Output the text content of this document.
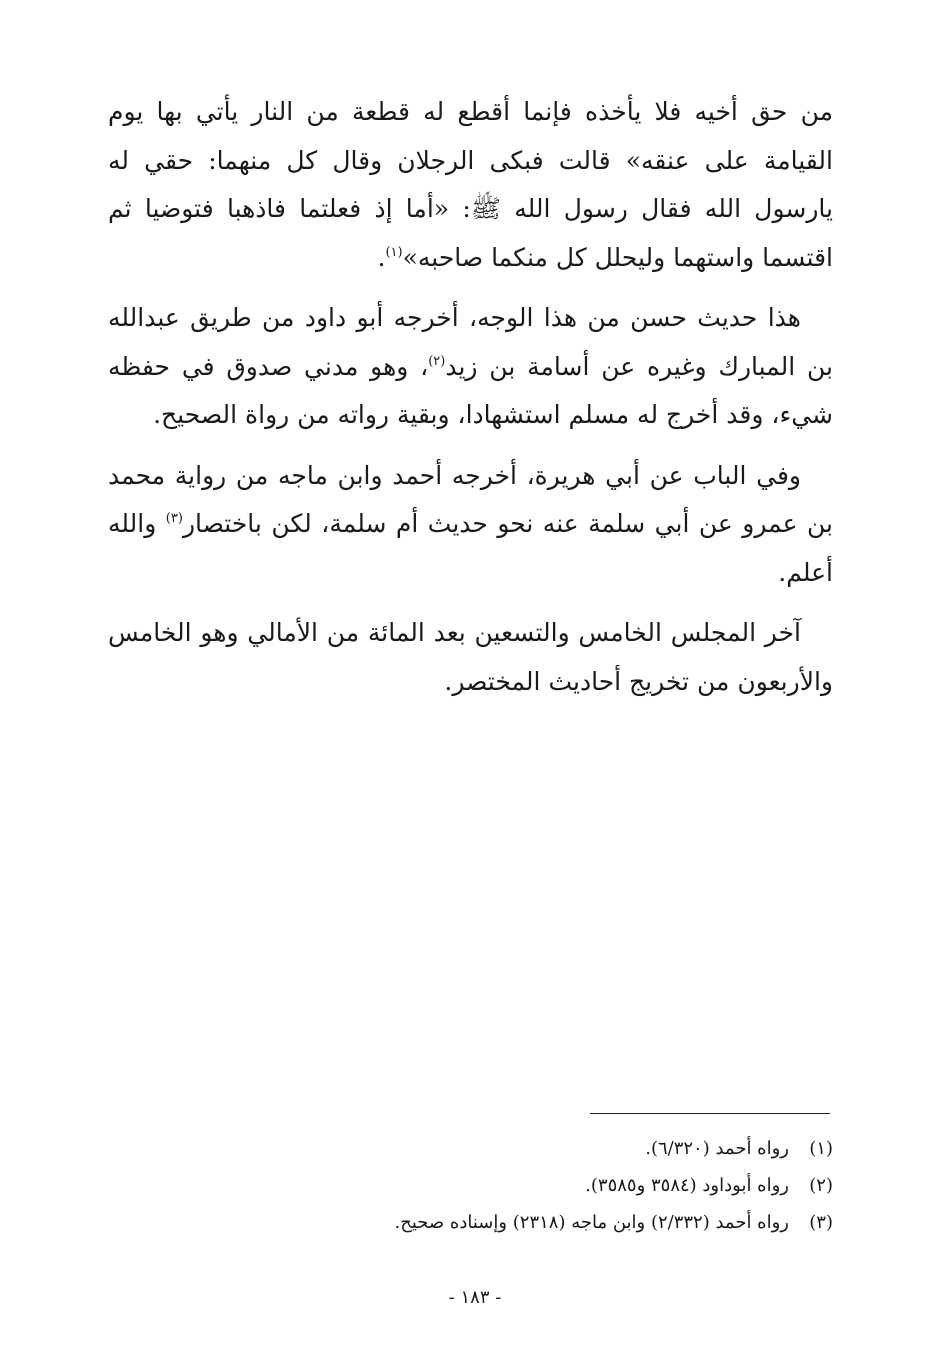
من حق أخيه فلا يأخذه فإنما أقطع له قطعة من النار يأتي بها يوم القيامة على عنقه» قالت فبكى الرجلان وقال كل منهما: حقي له يارسول الله فقال رسول الله ﷺ: «أما إذ فعلتما فاذهبا فتوضيا ثم اقتسما واستهما وليحلل كل منكما صاحبه»$^{(١)}$.

هذا حديث حسن من هذا الوجه، أخرجه أبو داود من طريق عبدالله بن المبارك وغيره عن أسامة بن زيد$^{(٢)}$، وهو مدني صدوق في حفظه شيء، وقد أخرج له مسلم استشهادا، وبقية رواته من رواة الصحيح.

وفي الباب عن أبي هريرة، أخرجه أحمد وابن ماجه من رواية محمد بن عمرو عن أبي سلمة عنه نحو حديث أم سلمة، لكن باختصار$^{(٣)}$ والله أعلم.

آخر المجلس الخامس والتسعين بعد المائة من الأمالي وهو الخامس والأربعون من تخريج أحاديث المختصر.

(١)رواه أحمد (٦/٣٢٠).
(٢)رواه أبوداود (٣٥٨٤ و٣٥٨٥).
(٣)رواه أحمد (٢/٣٣٢) وابن ماجه (٢٣١٨) وإسناده صحيح.
- ١٨٣ -
